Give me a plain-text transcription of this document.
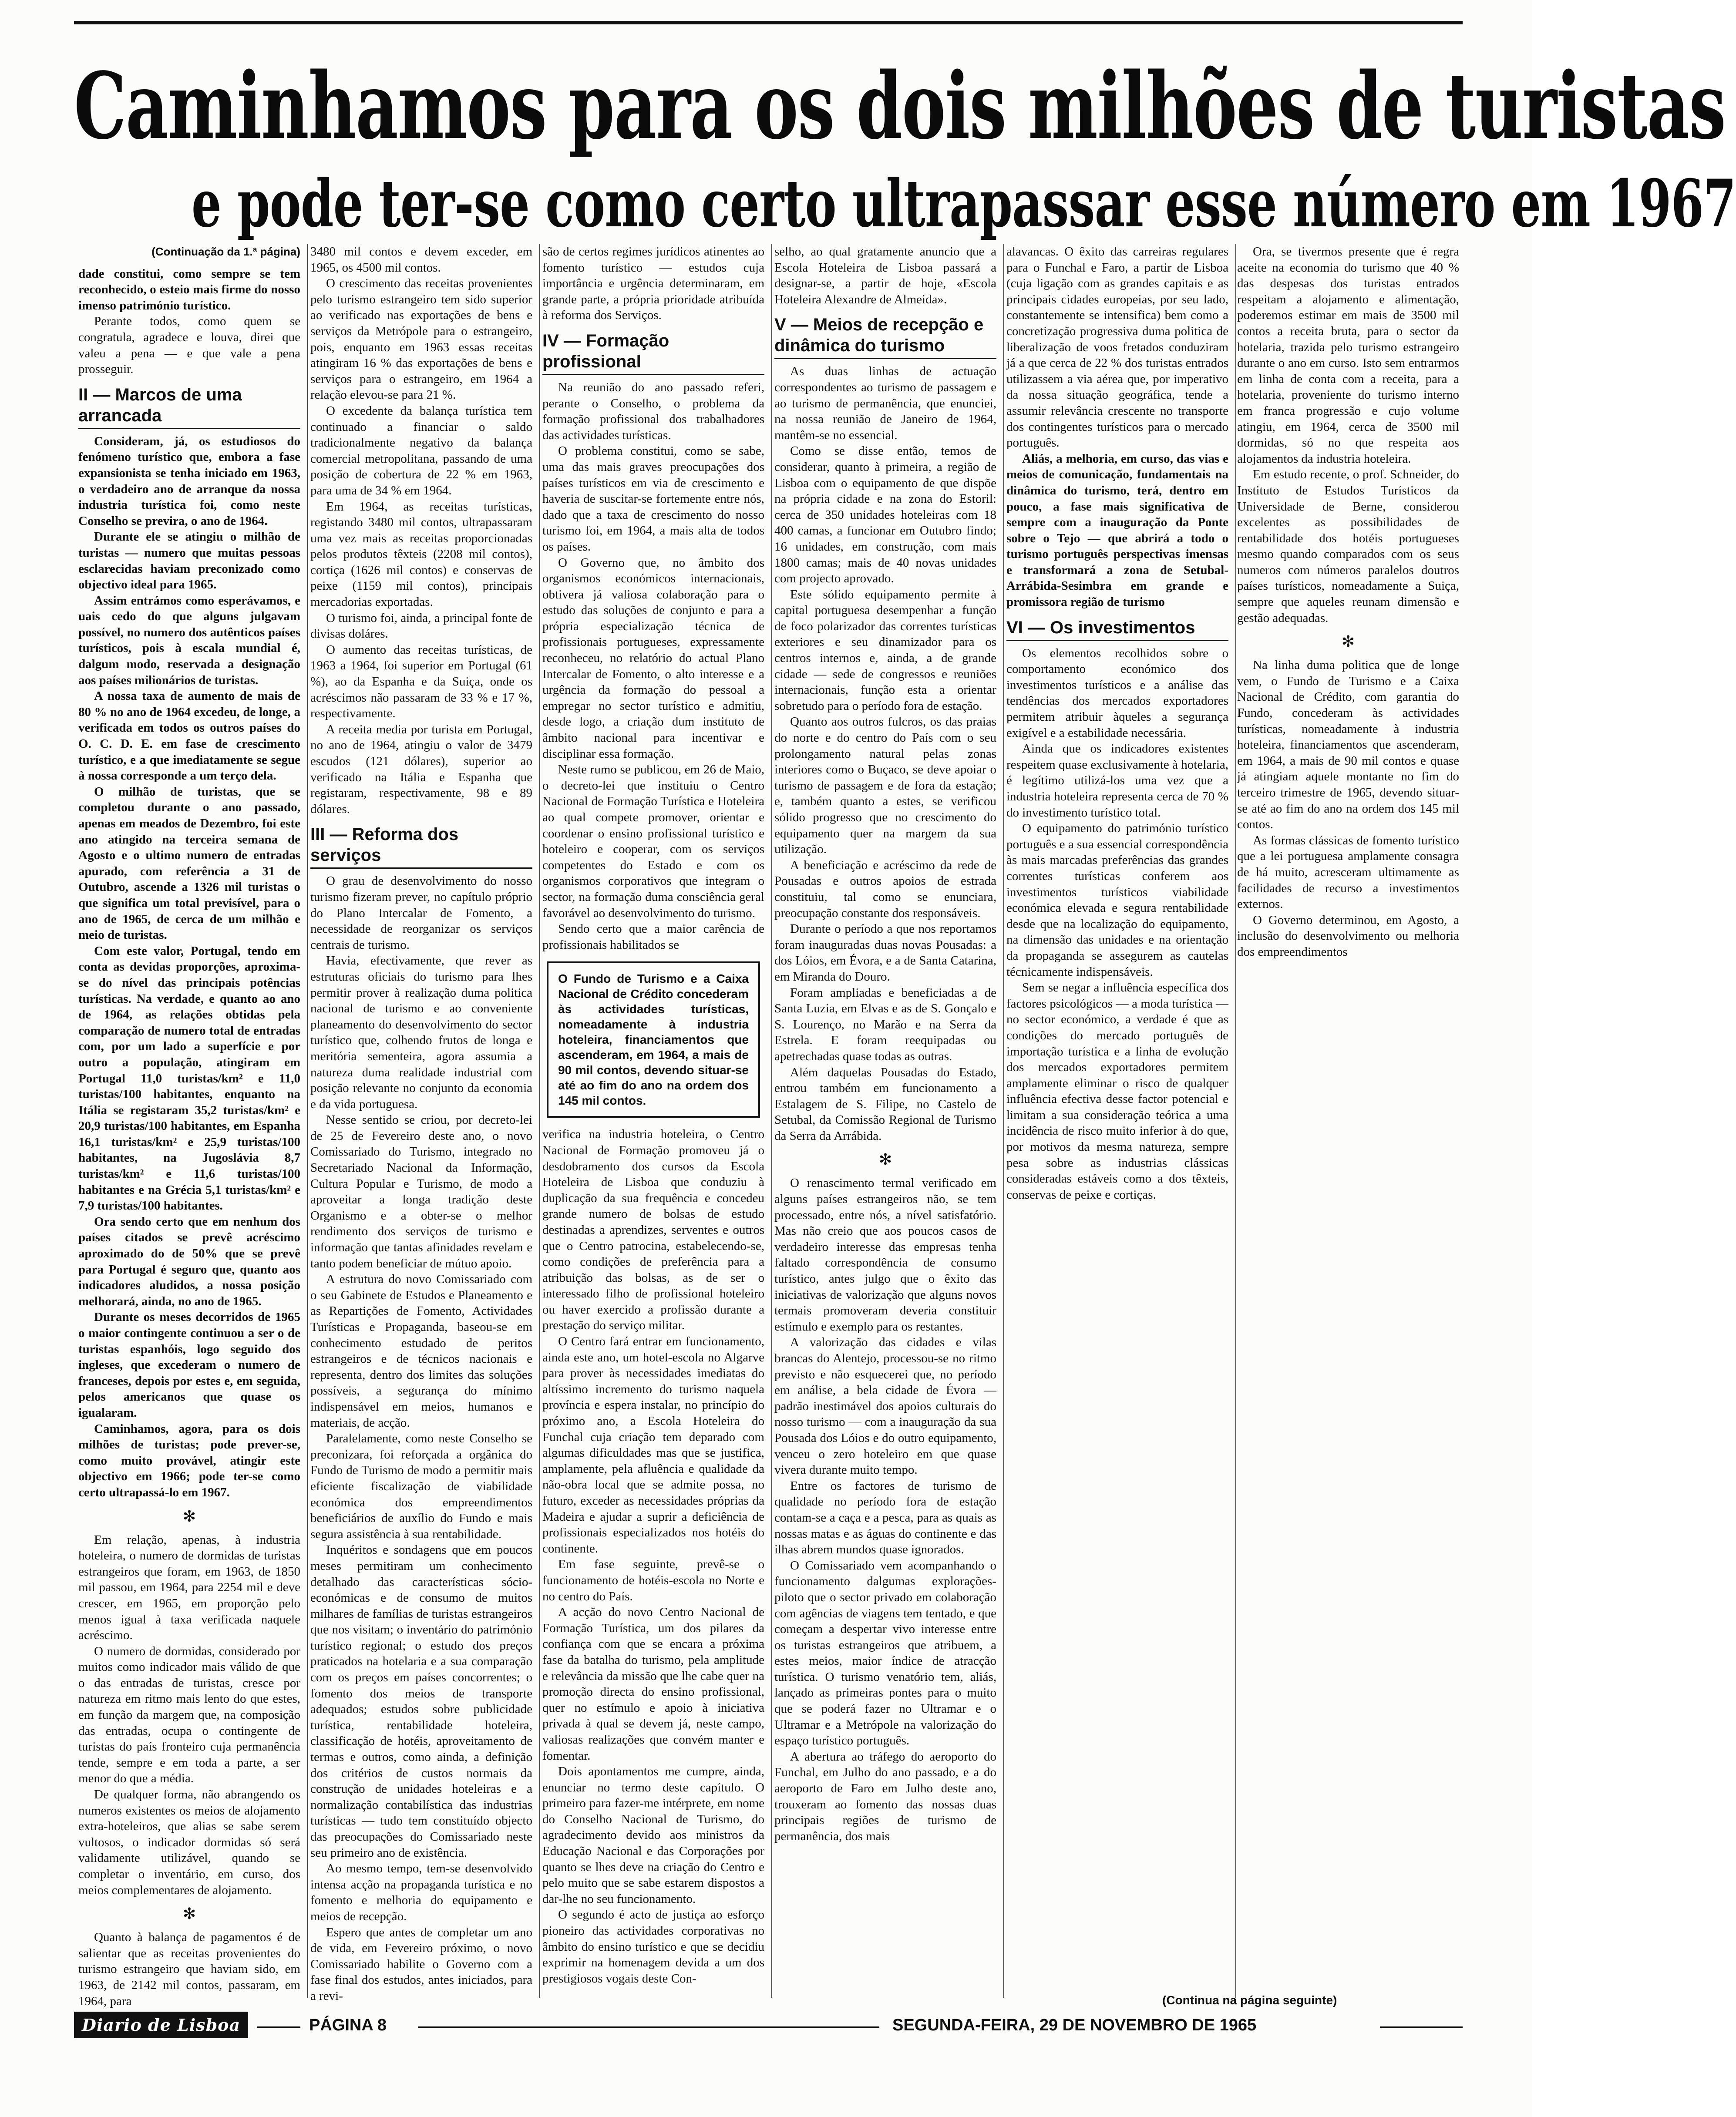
Caminhamos para os dois milhões de turistas
e pode ter-se como certo ultrapassar esse número em 1967
(Continuação da 1.ª página)

dade constitui, como sempre se tem reconhecido, o esteio mais firme do nosso imenso património turístico.

Perante todos, como quem se congratula, agradece e louva, direi que valeu a pena — e que vale a pena prosseguir.

II — Marcos de uma arrancada

Consideram, já, os estudiosos do fenómeno turístico que, embora a fase expansionista se tenha iniciado em 1963, o verdadeiro ano de arranque da nossa industria turística foi, como neste Conselho se previra, o ano de 1964.

Durante ele se atingiu o milhão de turistas — numero que muitas pessoas esclarecidas haviam preconizado como objectivo ideal para 1965.

Assim entrámos como esperávamos, e uais cedo do que alguns julgavam possível, no numero dos autênticos países turísticos, pois à escala mundial é, dalgum modo, reservada a designação aos países milionários de turistas.

A nossa taxa de aumento de mais de 80 % no ano de 1964 excedeu, de longe, a verificada em todos os outros países do O. C. D. E. em fase de crescimento turístico, e a que imediatamente se segue à nossa corresponde a um terço dela.

O milhão de turistas, que se completou durante o ano passado, apenas em meados de Dezembro, foi este ano atingido na terceira semana de Agosto e o ultimo numero de entradas apurado, com referência a 31 de Outubro, ascende a 1326 mil turistas o que significa um total previsível, para o ano de 1965, de cerca de um milhão e meio de turistas.

Com este valor, Portugal, tendo em conta as devidas proporções, aproxima-se do nível das principais potências turísticas. Na verdade, e quanto ao ano de 1964, as relações obtidas pela comparação de numero total de entradas com, por um lado a superfície e por outro a população, atingiram em Portugal 11,0 turistas/km² e 11,0 turistas/100 habitantes, enquanto na Itália se registaram 35,2 turistas/km² e 20,9 turistas/100 habitantes, em Espanha 16,1 turistas/km² e 25,9 turistas/100 habitantes, na Jugoslávia 8,7 turistas/km² e 11,6 turistas/100 habitantes e na Grécia 5,1 turistas/km² e 7,9 turistas/100 habitantes.

Ora sendo certo que em nenhum dos países citados se prevê acréscimo aproximado do de 50% que se prevê para Portugal é seguro que, quanto aos indicadores aludidos, a nossa posição melhorará, ainda, no ano de 1965.

Durante os meses decorridos de 1965 o maior contingente continuou a ser o de turistas espanhóis, logo seguido dos ingleses, que excederam o numero de franceses, depois por estes e, em seguida, pelos americanos que quase os igualaram.

Caminhamos, agora, para os dois milhões de turistas; pode prever-se, como muito provável, atingir este objectivo em 1966; pode ter-se como certo ultrapassá-lo em 1967.

✻

Em relação, apenas, à industria hoteleira, o numero de dormidas de turistas estrangeiros que foram, em 1963, de 1850 mil passou, em 1964, para 2254 mil e deve crescer, em 1965, em proporção pelo menos igual à taxa verificada naquele acréscimo.

O numero de dormidas, considerado por muitos como indicador mais válido de que o das entradas de turistas, cresce por natureza em ritmo mais lento do que estes, em função da margem que, na composição das entradas, ocupa o contingente de turistas do país fronteiro cuja permanência tende, sempre e em toda a parte, a ser menor do que a média.

De qualquer forma, não abrangendo os numeros existentes os meios de alojamento extra-hoteleiros, que alias se sabe serem vultosos, o indicador dormidas só será validamente utilizável, quando se completar o inventário, em curso, dos meios complementares de alojamento.

✻

Quanto à balança de pagamentos é de salientar que as receitas provenientes do turismo estrangeiro que haviam sido, em 1963, de 2142 mil contos, passaram, em 1964, para

3480 mil contos e devem exceder, em 1965, os 4500 mil contos.

O crescimento das receitas provenientes pelo turismo estrangeiro tem sido superior ao verificado nas exportações de bens e serviços da Metrópole para o estrangeiro, pois, enquanto em 1963 essas receitas atingiram 16 % das exportações de bens e serviços para o estrangeiro, em 1964 a relação elevou-se para 21 %.

O excedente da balança turística tem continuado a financiar o saldo tradicionalmente negativo da balança comercial metropolitana, passando de uma posição de cobertura de 22 % em 1963, para uma de 34 % em 1964.

Em 1964, as receitas turísticas, registando 3480 mil contos, ultrapassaram uma vez mais as receitas proporcionadas pelos produtos têxteis (2208 mil contos), cortiça (1626 mil contos) e conservas de peixe (1159 mil contos), principais mercadorias exportadas.

O turismo foi, ainda, a principal fonte de divisas doláres.

O aumento das receitas turísticas, de 1963 a 1964, foi superior em Portugal (61 %), ao da Espanha e da Suiça, onde os acréscimos não passaram de 33 % e 17 %, respectivamente.

A receita media por turista em Portugal, no ano de 1964, atingiu o valor de 3479 escudos (121 dólares), superior ao verificado na Itália e Espanha que registaram, respectivamente, 98 e 89 dólares.

III — Reforma dos serviços

O grau de desenvolvimento do nosso turismo fizeram prever, no capítulo próprio do Plano Intercalar de Fomento, a necessidade de reorganizar os serviços centrais de turismo.

Havia, efectivamente, que rever as estruturas oficiais do turismo para lhes permitir prover à realização duma politica nacional de turismo e ao conveniente planeamento do desenvolvimento do sector turístico que, colhendo frutos de longa e meritória sementeira, agora assumia a natureza duma realidade industrial com posição relevante no conjunto da economia e da vida portuguesa.

Nesse sentido se criou, por decreto-lei de 25 de Fevereiro deste ano, o novo Comissariado do Turismo, integrado no Secretariado Nacional da Informação, Cultura Popular e Turismo, de modo a aproveitar a longa tradição deste Organismo e a obter-se o melhor rendimento dos serviços de turismo e informação que tantas afinidades revelam e tanto podem beneficiar de mútuo apoio.

A estrutura do novo Comissariado com o seu Gabinete de Estudos e Planeamento e as Repartições de Fomento, Actividades Turísticas e Propaganda, baseou-se em conhecimento estudado de peritos estrangeiros e de técnicos nacionais e representa, dentro dos limites das soluções possíveis, a segurança do mínimo indispensável em meios, humanos e materiais, de acção.

Paralelamente, como neste Conselho se preconizara, foi reforçada a orgânica do Fundo de Turismo de modo a permitir mais eficiente fiscalização de viabilidade económica dos empreendimentos beneficiários de auxílio do Fundo e mais segura assistência à sua rentabilidade.

Inquéritos e sondagens que em poucos meses permitiram um conhecimento detalhado das características sócio-económicas e de consumo de muitos milhares de famílias de turistas estrangeiros que nos visitam; o inventário do património turístico regional; o estudo dos preços praticados na hotelaria e a sua comparação com os preços em países concorrentes; o fomento dos meios de transporte adequados; estudos sobre publicidade turística, rentabilidade hoteleira, classificação de hotéis, aproveitamento de termas e outros, como ainda, a definição dos critérios de custos normais da construção de unidades hoteleiras e a normalização contabilística das industrias turísticas — tudo tem constituído objecto das preocupações do Comissariado neste seu primeiro ano de existência.

Ao mesmo tempo, tem-se desenvolvido intensa acção na propaganda turística e no fomento e melhoria do equipamento e meios de recepção.

Espero que antes de completar um ano de vida, em Fevereiro próximo, o novo Comissariado habilite o Governo com a fase final dos estudos, antes iniciados, para a revi-

são de certos regimes jurídicos atinentes ao fomento turístico — estudos cuja importância e urgência determinaram, em grande parte, a própria prioridade atribuída à reforma dos Serviços.

IV — Formação profissional

Na reunião do ano passado referi, perante o Conselho, o problema da formação profissional dos trabalhadores das actividades turísticas.

O problema constitui, como se sabe, uma das mais graves preocupações dos países turísticos em via de crescimento e haveria de suscitar-se fortemente entre nós, dado que a taxa de crescimento do nosso turismo foi, em 1964, a mais alta de todos os países.

O Governo que, no âmbito dos organismos económicos internacionais, obtivera já valiosa colaboração para o estudo das soluções de conjunto e para a própria especialização técnica de profissionais portugueses, expressamente reconheceu, no relatório do actual Plano Intercalar de Fomento, o alto interesse e a urgência da formação do pessoal a empregar no sector turístico e admitiu, desde logo, a criação dum instituto de âmbito nacional para incentivar e disciplinar essa formação.

Neste rumo se publicou, em 26 de Maio, o decreto-lei que instituiu o Centro Nacional de Formação Turística e Hoteleira ao qual compete promover, orientar e coordenar o ensino profissional turístico e hoteleiro e cooperar, com os serviços competentes do Estado e com os organismos corporativos que integram o sector, na formação duma consciência geral favorável ao desenvolvimento do turismo.

Sendo certo que a maior carência de profissionais habilitados se

O Fundo de Turismo e a Caixa Nacional de Crédito concederam às actividades turísticas, nomeadamente à industria hoteleira, financiamentos que ascenderam, em 1964, a mais de 90 mil contos, devendo situar-se até ao fim do ano na ordem dos 145 mil contos.

verifica na industria hoteleira, o Centro Nacional de Formação promoveu já o desdobramento dos cursos da Escola Hoteleira de Lisboa que conduziu à duplicação da sua frequência e concedeu grande numero de bolsas de estudo destinadas a aprendizes, serventes e outros que o Centro patrocina, estabelecendo-se, como condições de preferência para a atribuição das bolsas, as de ser o interessado filho de profissional hoteleiro ou haver exercido a profissão durante a prestação do serviço militar.

O Centro fará entrar em funcionamento, ainda este ano, um hotel-escola no Algarve para prover às necessidades imediatas do altíssimo incremento do turismo naquela província e espera instalar, no princípio do próximo ano, a Escola Hoteleira do Funchal cuja criação tem deparado com algumas dificuldades mas que se justifica, amplamente, pela afluência e qualidade da não-obra local que se admite possa, no futuro, exceder as necessidades próprias da Madeira e ajudar a suprir a deficiência de profissionais especializados nos hotéis do continente.

Em fase seguinte, prevê-se o funcionamento de hotéis-escola no Norte e no centro do País.

A acção do novo Centro Nacional de Formação Turística, um dos pilares da confiança com que se encara a próxima fase da batalha do turismo, pela amplitude e relevância da missão que lhe cabe quer na promoção directa do ensino profissional, quer no estímulo e apoio à iniciativa privada à qual se devem já, neste campo, valiosas realizações que convém manter e fomentar.

Dois apontamentos me cumpre, ainda, enunciar no termo deste capítulo. O primeiro para fazer-me intérprete, em nome do Conselho Nacional de Turismo, do agradecimento devido aos ministros da Educação Nacional e das Corporações por quanto se lhes deve na criação do Centro e pelo muito que se sabe estarem dispostos a dar-lhe no seu funcionamento.

O segundo é acto de justiça ao esforço pioneiro das actividades corporativas no âmbito do ensino turístico e que se decidiu exprimir na homenagem devida a um dos prestigiosos vogais deste Con-

selho, ao qual gratamente anuncio que a Escola Hoteleira de Lisboa passará a designar-se, a partir de hoje, «Escola Hoteleira Alexandre de Almeida».

V — Meios de recepção e dinâmica do turismo

As duas linhas de actuação correspondentes ao turismo de passagem e ao turismo de permanência, que enunciei, na nossa reunião de Janeiro de 1964, mantêm-se no essencial.

Como se disse então, temos de considerar, quanto à primeira, a região de Lisboa com o equipamento de que dispõe na própria cidade e na zona do Estoril: cerca de 350 unidades hoteleiras com 18 400 camas, a funcionar em Outubro findo; 16 unidades, em construção, com mais 1800 camas; mais de 40 novas unidades com projecto aprovado.

Este sólido equipamento permite à capital portuguesa desempenhar a função de foco polarizador das correntes turísticas exteriores e seu dinamizador para os centros internos e, ainda, a de grande cidade — sede de congressos e reuniões internacionais, função esta a orientar sobretudo para o período fora de estação.

Quanto aos outros fulcros, os das praias do norte e do centro do País com o seu prolongamento natural pelas zonas interiores como o Buçaco, se deve apoiar o turismo de passagem e de fora da estação; e, também quanto a estes, se verificou sólido progresso que no crescimento do equipamento quer na margem da sua utilização.

A beneficiação e acréscimo da rede de Pousadas e outros apoios de estrada constituiu, tal como se enunciara, preocupação constante dos responsáveis.

Durante o período a que nos reportamos foram inauguradas duas novas Pousadas: a dos Lóios, em Évora, e a de Santa Catarina, em Miranda do Douro.

Foram ampliadas e beneficiadas a de Santa Luzia, em Elvas e as de S. Gonçalo e S. Lourenço, no Marão e na Serra da Estrela. E foram reequipadas ou apetrechadas quase todas as outras.

Além daquelas Pousadas do Estado, entrou também em funcionamento a Estalagem de S. Filipe, no Castelo de Setubal, da Comissão Regional de Turismo da Serra da Arrábida.

✻

O renascimento termal verificado em alguns países estrangeiros não, se tem processado, entre nós, a nível satisfatório. Mas não creio que aos poucos casos de verdadeiro interesse das empresas tenha faltado correspondência de consumo turístico, antes julgo que o êxito das iniciativas de valorização que alguns novos termais promoveram deveria constituir estímulo e exemplo para os restantes.

A valorização das cidades e vilas brancas do Alentejo, processou-se no ritmo previsto e não esquecerei que, no período em análise, a bela cidade de Évora — padrão inestimável dos apoios culturais do nosso turismo — com a inauguração da sua Pousada dos Lóios e do outro equipamento, venceu o zero hoteleiro em que quase vivera durante muito tempo.

Entre os factores de turismo de qualidade no período fora de estação contam-se a caça e a pesca, para as quais as nossas matas e as águas do continente e das ilhas abrem mundos quase ignorados.

O Comissariado vem acompanhando o funcionamento dalgumas explorações-piloto que o sector privado em colaboração com agências de viagens tem tentado, e que começam a despertar vivo interesse entre os turistas estrangeiros que atribuem, a estes meios, maior índice de atracção turística. O turismo venatório tem, aliás, lançado as primeiras pontes para o muito que se poderá fazer no Ultramar e o Ultramar e a Metrópole na valorização do espaço turístico português.

A abertura ao tráfego do aeroporto do Funchal, em Julho do ano passado, e a do aeroporto de Faro em Julho deste ano, trouxeram ao fomento das nossas duas principais regiões de turismo de permanência, dos mais

alavancas. O êxito das carreiras regulares para o Funchal e Faro, a partir de Lisboa (cuja ligação com as grandes capitais e as principais cidades europeias, por seu lado, constantemente se intensifica) bem como a concretização progressiva duma politica de liberalização de voos fretados conduziram já a que cerca de 22 % dos turistas entrados utilizassem a via aérea que, por imperativo da nossa situação geográfica, tende a assumir relevância crescente no transporte dos contingentes turísticos para o mercado português.

Aliás, a melhoria, em curso, das vias e meios de comunicação, fundamentais na dinâmica do turismo, terá, dentro em pouco, a fase mais significativa de sempre com a inauguração da Ponte sobre o Tejo — que abrirá a todo o turismo português perspectivas imensas e transformará a zona de Setubal-Arrábida-Sesimbra em grande e promissora região de turismo

VI — Os investimentos

Os elementos recolhidos sobre o comportamento económico dos investimentos turísticos e a análise das tendências dos mercados exportadores permitem atribuir àqueles a segurança exigível e a estabilidade necessária.

Ainda que os indicadores existentes respeitem quase exclusivamente à hotelaria, é legítimo utilizá-los uma vez que a industria hoteleira representa cerca de 70 % do investimento turístico total.

O equipamento do património turístico português e a sua essencial correspondência às mais marcadas preferências das grandes correntes turísticas conferem aos investimentos turísticos viabilidade económica elevada e segura rentabilidade desde que na localização do equipamento, na dimensão das unidades e na orientação da propaganda se assegurem as cautelas técnicamente indispensáveis.

Sem se negar a influência específica dos factores psicológicos — a moda turística — no sector económico, a verdade é que as condições do mercado português de importação turística e a linha de evolução dos mercados exportadores permitem amplamente eliminar o risco de qualquer influência efectiva desse factor potencial e limitam a sua consideração teórica a uma incidência de risco muito inferior à do que, por motivos da mesma natureza, sempre pesa sobre as industrias clássicas consideradas estáveis como a dos têxteis, conservas de peixe e cortiças.

Ora, se tivermos presente que é regra aceite na economia do turismo que 40 % das despesas dos turistas entrados respeitam a alojamento e alimentação, poderemos estimar em mais de 3500 mil contos a receita bruta, para o sector da hotelaria, trazida pelo turismo estrangeiro durante o ano em curso. Isto sem entrarmos em linha de conta com a receita, para a hotelaria, proveniente do turismo interno em franca progressão e cujo volume atingiu, em 1964, cerca de 3500 mil dormidas, só no que respeita aos alojamentos da industria hoteleira.

Em estudo recente, o prof. Schneider, do Instituto de Estudos Turísticos da Universidade de Berne, considerou excelentes as possibilidades de rentabilidade dos hotéis portugueses mesmo quando comparados com os seus numeros com números paralelos doutros países turísticos, nomeadamente a Suiça, sempre que aqueles reunam dimensão e gestão adequadas.

✻

Na linha duma politica que de longe vem, o Fundo de Turismo e a Caixa Nacional de Crédito, com garantia do Fundo, concederam às actividades turísticas, nomeadamente à industria hoteleira, financiamentos que ascenderam, em 1964, a mais de 90 mil contos e quase já atingiam aquele montante no fim do terceiro trimestre de 1965, devendo situar-se até ao fim do ano na ordem dos 145 mil contos.

As formas clássicas de fomento turístico que a lei portuguesa amplamente consagra de há muito, acresceram ultimamente as facilidades de recurso a investimentos externos.

O Governo determinou, em Agosto, a inclusão do desenvolvimento ou melhoria dos empreendimentos

(Continua na página seguinte)
Diario de Lisboa	PÁGINA 8	SEGUNDA-FEIRA, 29 DE NOVEMBRO DE 1965
